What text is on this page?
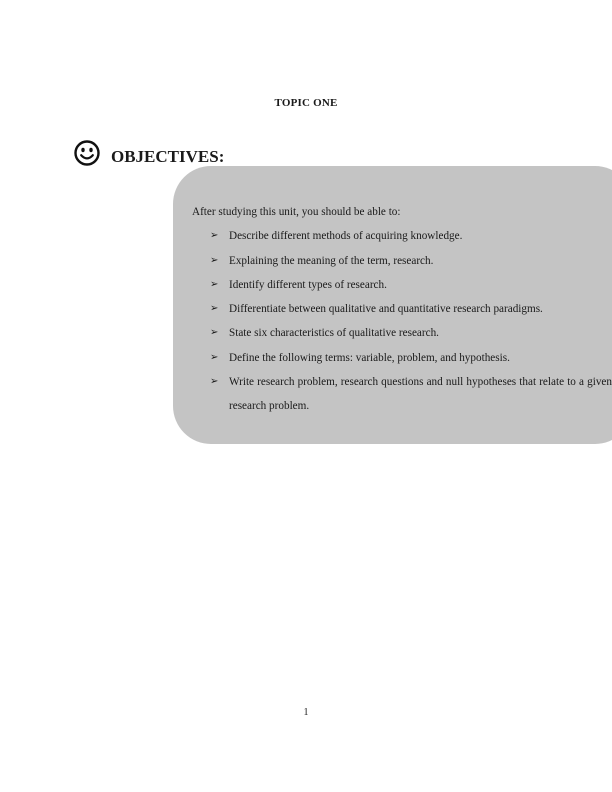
TOPIC ONE
OBJECTIVES:

After studying this unit, you should be able to:

➢ Describe different methods of acquiring knowledge.
➢ Explaining the meaning of the term, research.
➢ Identify different types of research.
➢ Differentiate between qualitative and quantitative research paradigms.
➢ State six characteristics of qualitative research.
➢ Define the following terms: variable, problem, and hypothesis.
➢ Write research problem, research questions and null hypotheses that relate to a given research problem.
1
